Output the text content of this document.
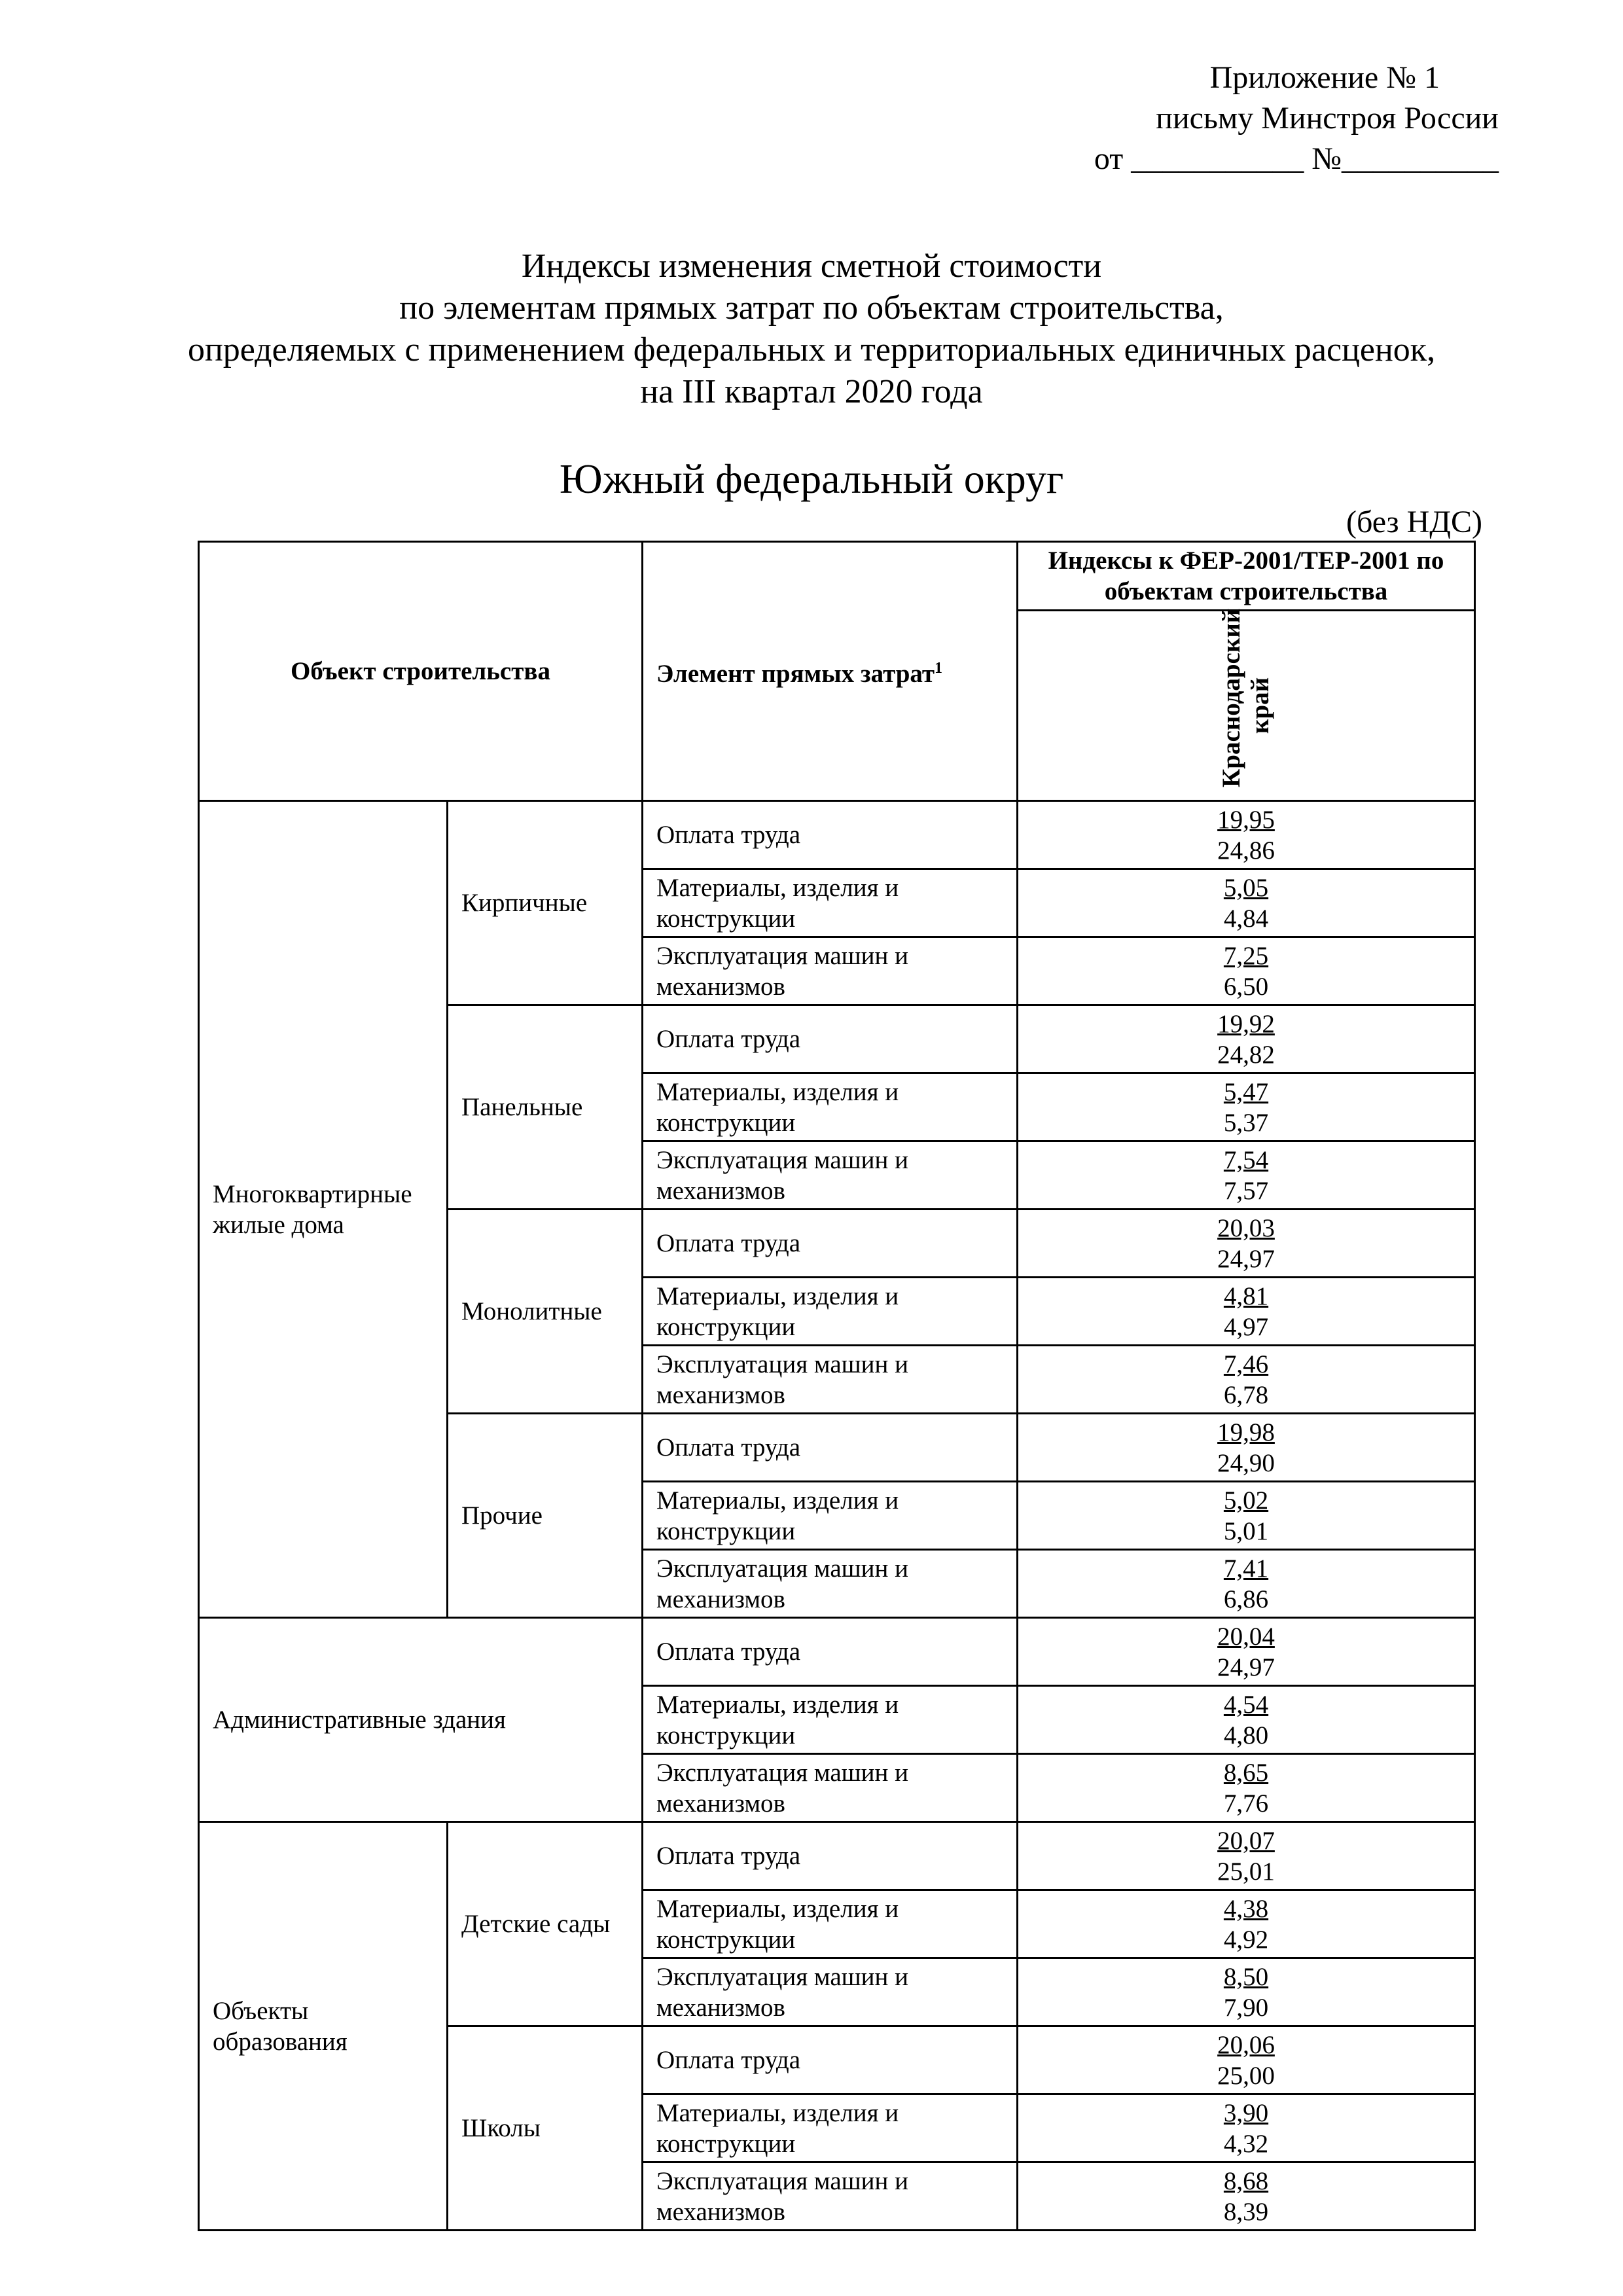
Приложение № 1
письму Минстроя России
от ___________ №__________
Индексы изменения сметной стоимости
по элементам прямых затрат по объектам строительства,
определяемых с применением федеральных и территориальных единичных расценок,
на III квартал 2020 года
Южный федеральный округ
(без НДС)
Объект строительства		Элемент прямых затрат$^1$	Индексы к ФЕР-2001/ТЕР-2001 по объектам строительства
			Краснодарский край
Многоквартирные жилые дома	Кирпичные	Оплата труда	19,95
24,86

		Материалы, изделия и конструкции	5,05
4,84

		Эксплуатация машин и механизмов	7,25
6,50

	Панельные	Оплата труда	19,92
24,82

		Материалы, изделия и конструкции	5,47
5,37

		Эксплуатация машин и механизмов	7,54
7,57

	Монолитные	Оплата труда	20,03
24,97

		Материалы, изделия и конструкции	4,81
4,97

		Эксплуатация машин и механизмов	7,46
6,78

	Прочие	Оплата труда	19,98
24,90

		Материалы, изделия и конструкции	5,02
5,01

		Эксплуатация машин и механизмов	7,41
6,86

Административные здания		Оплата труда	20,04
24,97

		Материалы, изделия и конструкции	4,54
4,80

		Эксплуатация машин и механизмов	8,65
7,76

Объекты образования	Детские сады	Оплата труда	20,07
25,01

		Материалы, изделия и конструкции	4,38
4,92

		Эксплуатация машин и механизмов	8,50
7,90

	Школы	Оплата труда	20,06
25,00

		Материалы, изделия и конструкции	3,90
4,32

		Эксплуатация машин и механизмов	8,68
8,39
